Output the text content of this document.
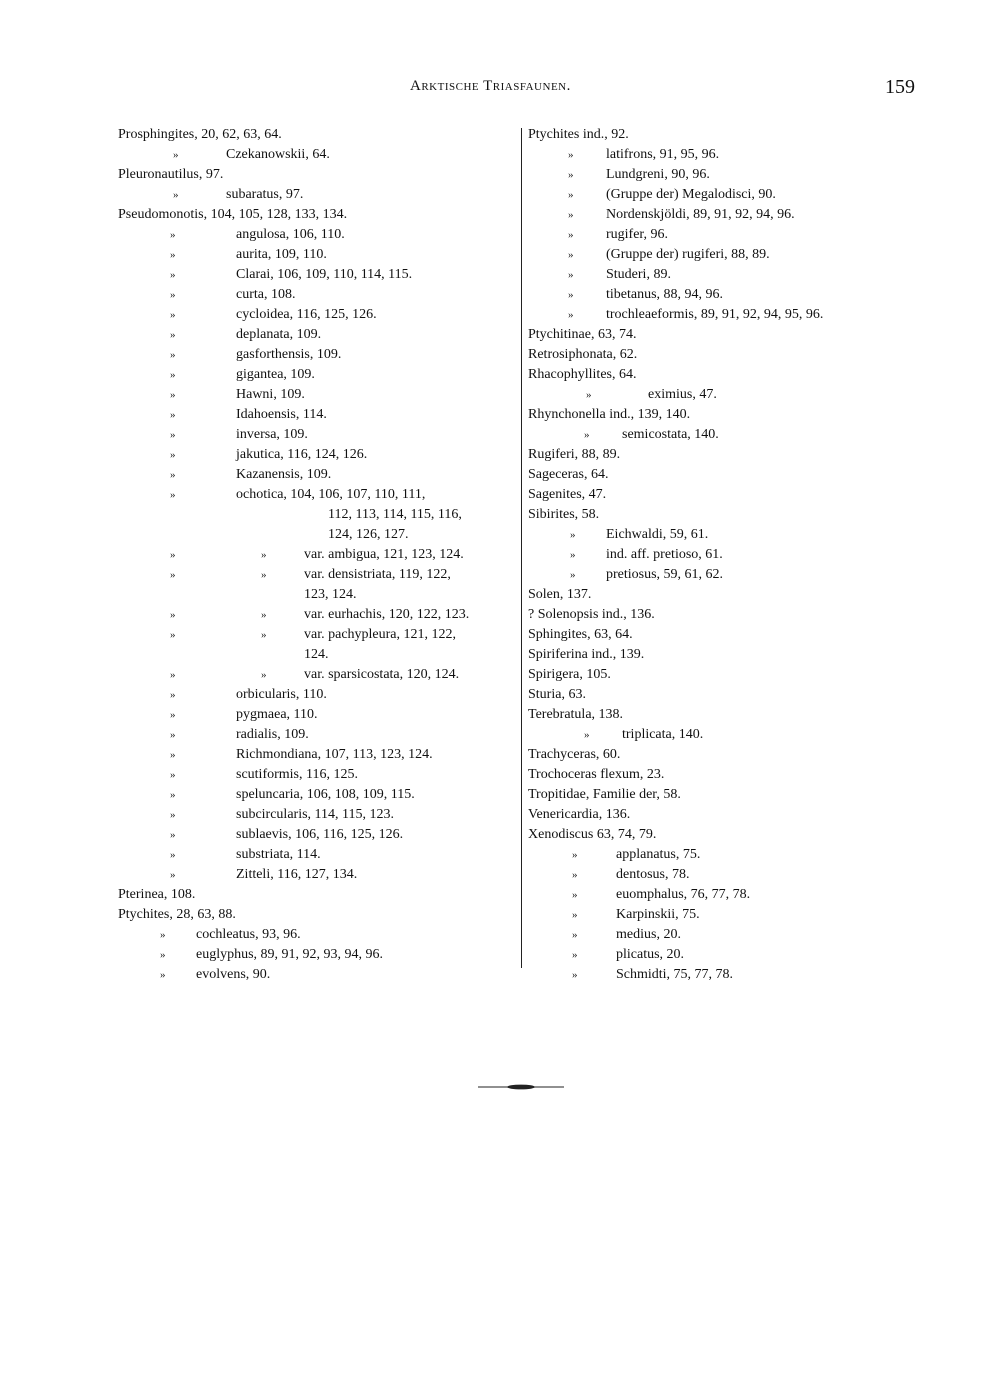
Arktische Triasfaunen.	159
Prosphingites, 20, 62, 63, 64.
»	Czekanowskii, 64.
Pleuronautilus, 97.
»	subaratus, 97.
Pseudomonotis, 104, 105, 128, 133, 134.
»	angulosa, 106, 110.
»	aurita, 109, 110.
»	Clarai, 106, 109, 110, 114, 115.
»	curta, 108.
»	cycloidea, 116, 125, 126.
»	deplanata, 109.
»	gasforthensis, 109.
»	gigantea, 109.
»	Hawni, 109.
»	Idahoensis, 114.
»	inversa, 109.
»	jakutica, 116, 124, 126.
»	Kazanensis, 109.
»	ochotica, 104, 106, 107, 110, 111,
112, 113, 114, 115, 116,
124, 126, 127.
»	»	var. ambigua, 121, 123, 124.
»	»	var. densistriata, 119, 122,
123, 124.
»	»	var. eurhachis, 120, 122, 123.
»	»	var. pachypleura, 121, 122,
124.
»	»	var. sparsicostata, 120, 124.
»	orbicularis, 110.
»	pygmaea, 110.
»	radialis, 109.
»	Richmondiana, 107, 113, 123, 124.
»	scutiformis, 116, 125.
»	speluncaria, 106, 108, 109, 115.
»	subcircularis, 114, 115, 123.
»	sublaevis, 106, 116, 125, 126.
»	substriata, 114.
»	Zitteli, 116, 127, 134.
Pterinea, 108.
Ptychites, 28, 63, 88.
» cochleatus, 93, 96.
» euglyphus, 89, 91, 92, 93, 94, 96.
» evolvens, 90.
Ptychites ind., 92.
» latifrons, 91, 95, 96.
» Lundgreni, 90, 96.
» (Gruppe der) Megalodisci, 90.
» Nordenskjöldi, 89, 91, 92, 94, 96.
» rugifer, 96.
» (Gruppe der) rugiferi, 88, 89.
» Studeri, 89.
» tibetanus, 88, 94, 96.
» trochleaeformis, 89, 91, 92, 94, 95, 96.
Ptychitinae, 63, 74.
Retrosiphonata, 62.
Rhacophyllites, 64.
»	eximius, 47.
Rhynchonella ind., 139, 140.
» semicostata, 140.
Rugiferi, 88, 89.
Sageceras, 64.
Sagenites, 47.
Sibirites, 58.
» Eichwaldi, 59, 61.
» ind. aff. pretioso, 61.
» pretiosus, 59, 61, 62.
Solen, 137.
? Solenopsis ind., 136.
Sphingites, 63, 64.
Spiriferina ind., 139.
Spirigera, 105.
Sturia, 63.
Terebratula, 138.
» triplicata, 140.
Trachyceras, 60.
Trochoceras flexum, 23.
Tropitidae, Familie der, 58.
Venericardia, 136.
Xenodiscus 63, 74, 79.
»	applanatus, 75.
»	dentosus, 78.
»	euomphalus, 76, 77, 78.
»	Karpinskii, 75.
»	medius, 20.
»	plicatus, 20.
»	Schmidti, 75, 77, 78.
